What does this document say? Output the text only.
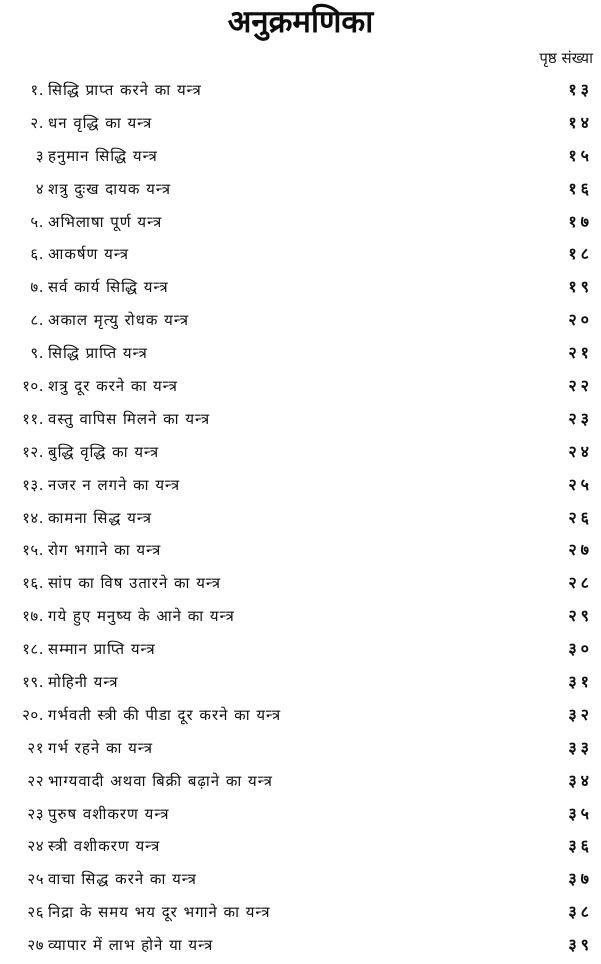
अनुक्रमणिका
पृष्ठ संख्या
१. सिद्धि प्राप्त करने का यन्त्र	१३
२. धन वृद्धि का यन्त्र	१४
३ हनुमान सिद्धि यन्त्र	१५
४ शत्रु दुःख दायक यन्त्र	१६
५. अभिलाषा पूर्ण यन्त्र	१७
६. आकर्षण यन्त्र	१८
७. सर्व कार्य सिद्धि यन्त्र	१९
८. अकाल मृत्यु रोधक यन्त्र	२०
९. सिद्धि प्राप्ति यन्त्र	२१
१०. शत्रु दूर करने का यन्त्र	२२
११. वस्तु वापिस मिलने का यन्त्र	२३
१२. बुद्धि वृद्धि का यन्त्र	२४
१३. नजर न लगने का यन्त्र	२५
१४. कामना सिद्ध यन्त्र	२६
१५. रोग भगाने का यन्त्र	२७
१६. सांप का विष उतारने का यन्त्र	२८
१७. गये हुए मनुष्य के आने का यन्त्र	२९
१८. सम्मान प्राप्ति यन्त्र	३०
१९. मोहिनी यन्त्र	३१
२०. गर्भवती स्त्री की पीडा दूर करने का यन्त्र	३२
२१ गर्भ रहने का यन्त्र	३३
२२ भाग्यवादी अथवा बिक्री बढ़ाने का यन्त्र	३४
२३ पुरुष वशीकरण यन्त्र	३५
२४ स्त्री वशीकरण यन्त्र	३६
२५ वाचा सिद्ध करने का यन्त्र	३७
२६ निद्रा के समय भय दूर भगाने का यन्त्र	३८
२७ व्यापार में लाभ होने या यन्त्र	३९
